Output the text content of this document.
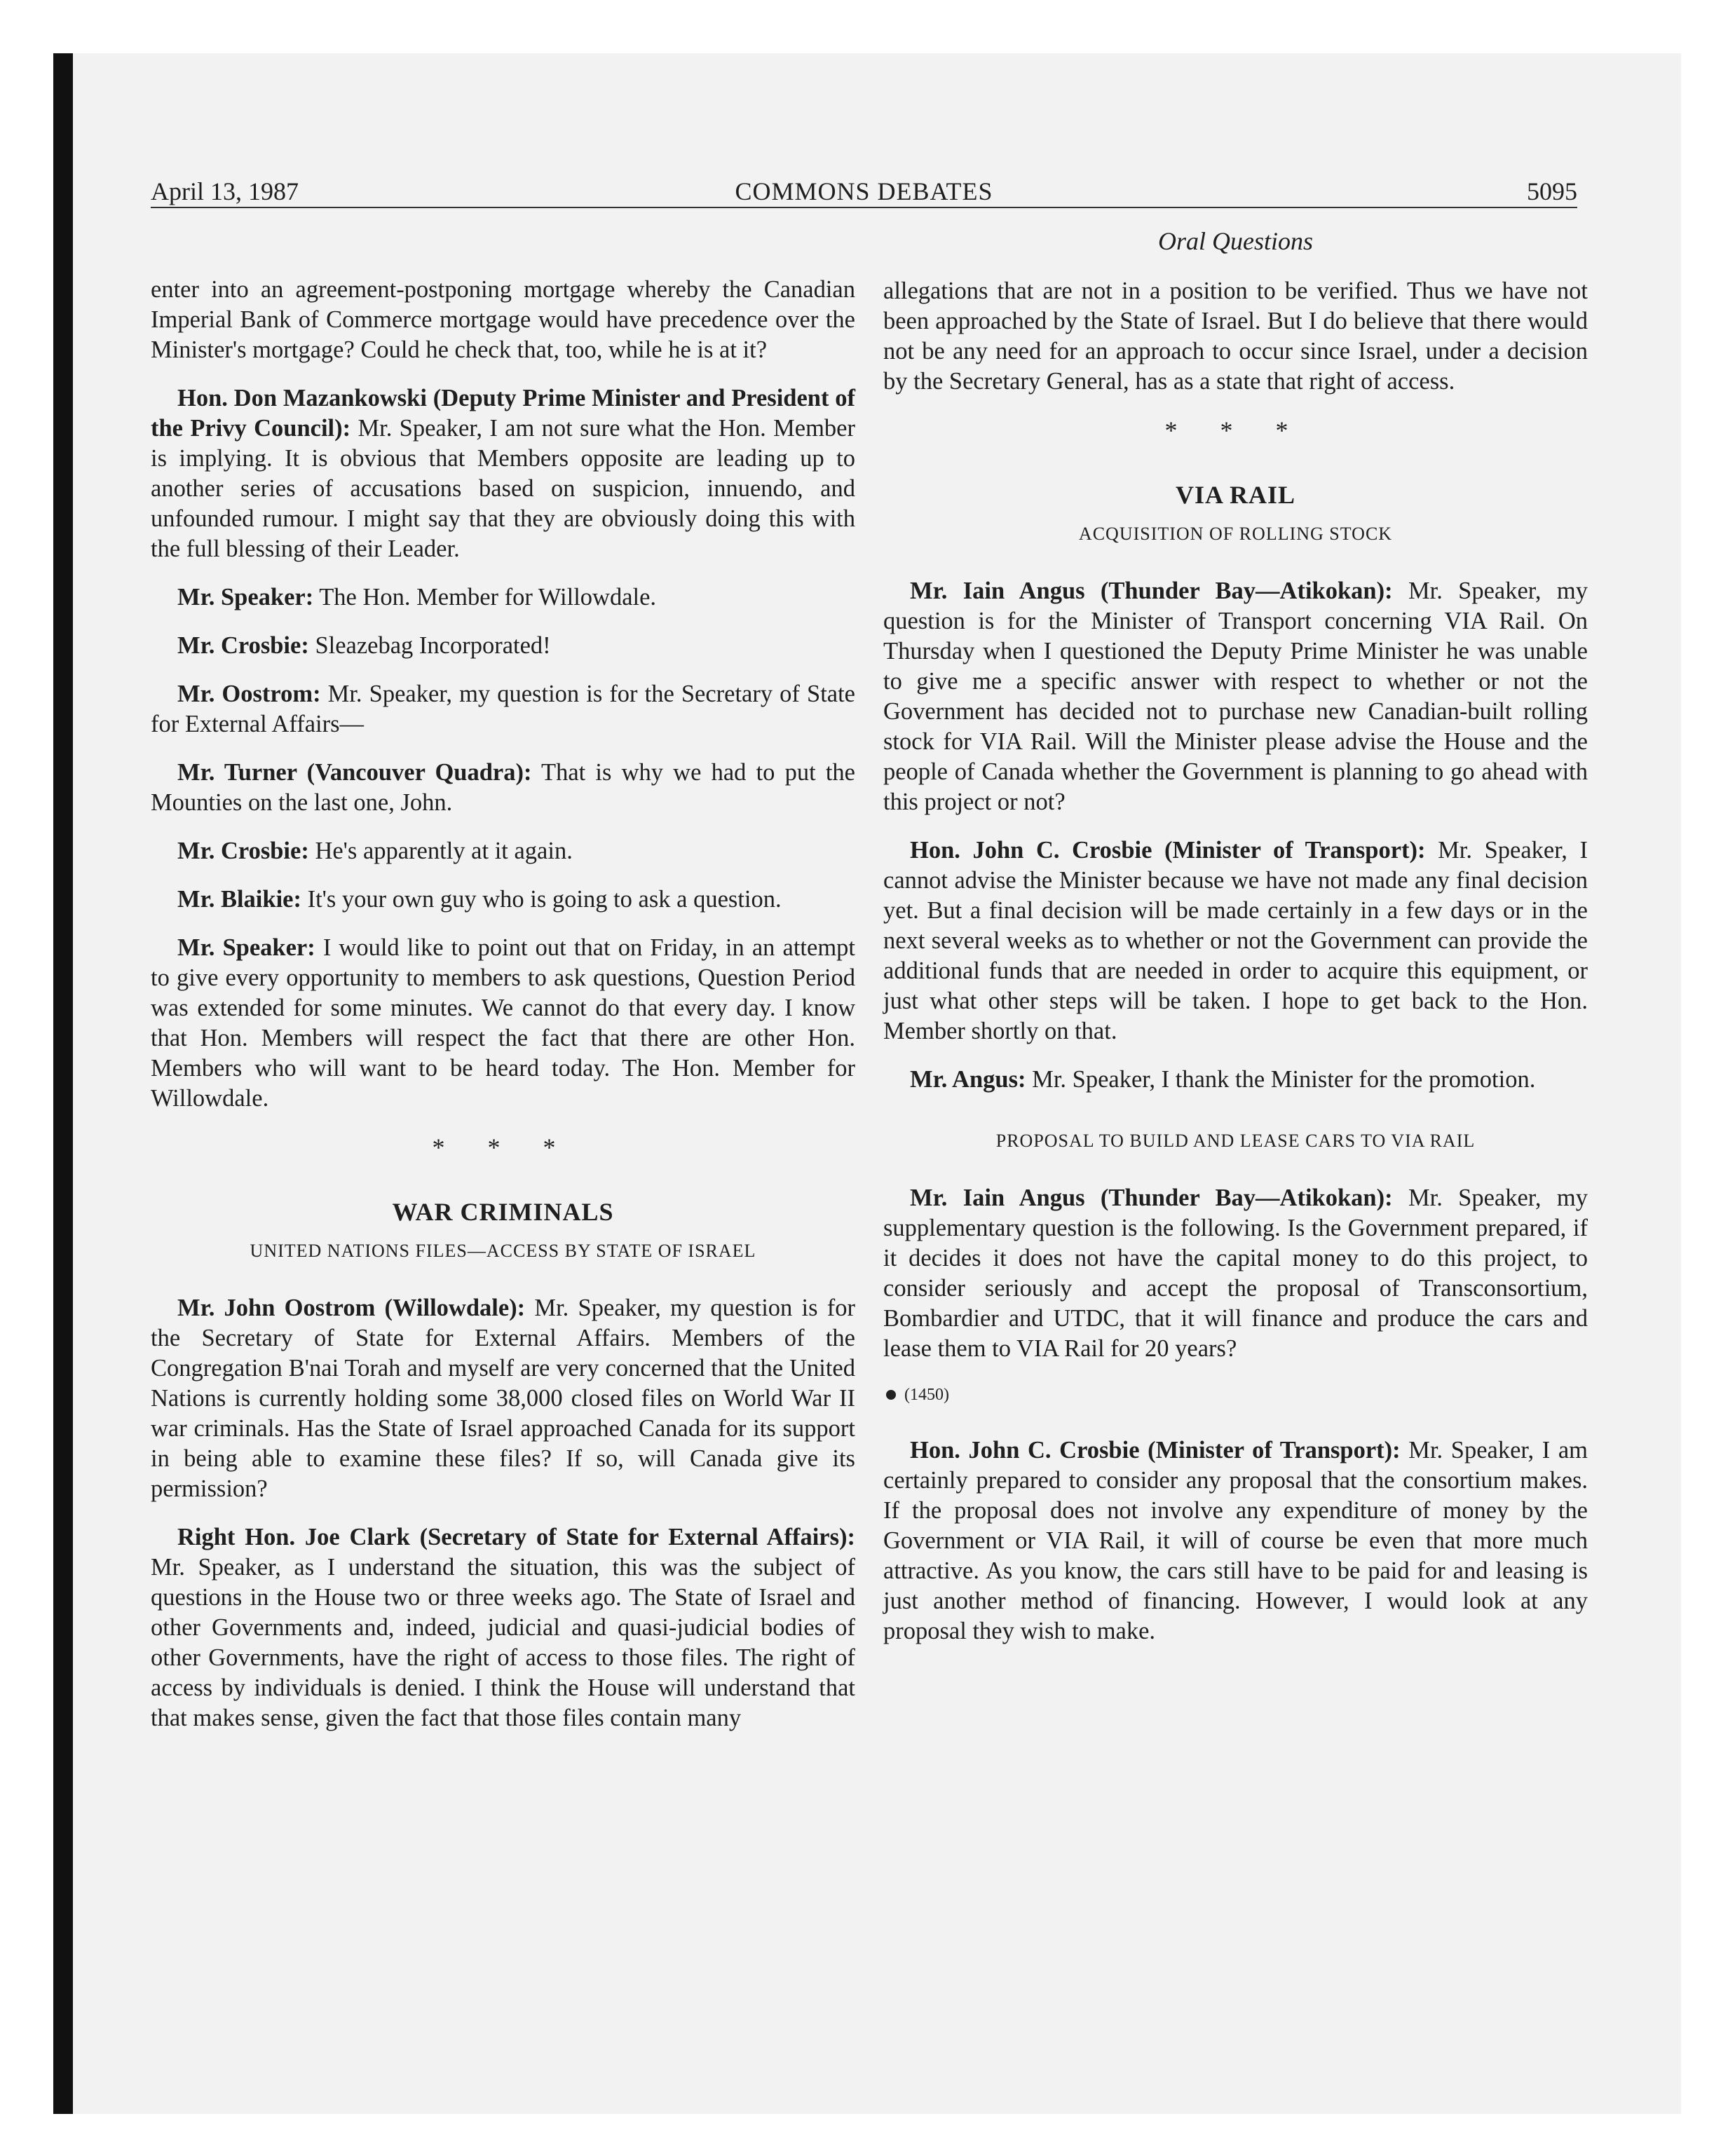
April 13, 1987	COMMONS DEBATES	5095

enter into an agreement-postponing mortgage whereby the Canadian Imperial Bank of Commerce mortgage would have precedence over the Minister's mortgage? Could he check that, too, while he is at it?

Hon. Don Mazankowski (Deputy Prime Minister and President of the Privy Council): Mr. Speaker, I am not sure what the Hon. Member is implying. It is obvious that Members opposite are leading up to another series of accusations based on suspicion, innuendo, and unfounded rumour. I might say that they are obviously doing this with the full blessing of their Leader.

Mr. Speaker: The Hon. Member for Willowdale.

Mr. Crosbie: Sleazebag Incorporated!

Mr. Oostrom: Mr. Speaker, my question is for the Secretary of State for External Affairs—

Mr. Turner (Vancouver Quadra): That is why we had to put the Mounties on the last one, John.

Mr. Crosbie: He's apparently at it again.

Mr. Blaikie: It's your own guy who is going to ask a question.

Mr. Speaker: I would like to point out that on Friday, in an attempt to give every opportunity to members to ask questions, Question Period was extended for some minutes. We cannot do that every day. I know that Hon. Members will respect the fact that there are other Hon. Members who will want to be heard today. The Hon. Member for Willowdale.

* * *
WAR CRIMINALS
UNITED NATIONS FILES—ACCESS BY STATE OF ISRAEL

Mr. John Oostrom (Willowdale): Mr. Speaker, my question is for the Secretary of State for External Affairs. Members of the Congregation B'nai Torah and myself are very concerned that the United Nations is currently holding some 38,000 closed files on World War II war criminals. Has the State of Israel approached Canada for its support in being able to examine these files? If so, will Canada give its permission?

Right Hon. Joe Clark (Secretary of State for External Affairs): Mr. Speaker, as I understand the situation, this was the subject of questions in the House two or three weeks ago. The State of Israel and other Governments and, indeed, judicial and quasi-judicial bodies of other Governments, have the right of access to those files. The right of access by individuals is denied. I think the House will understand that that makes sense, given the fact that those files contain many

Oral Questions

allegations that are not in a position to be verified. Thus we have not been approached by the State of Israel. But I do believe that there would not be any need for an approach to occur since Israel, under a decision by the Secretary General, has as a state that right of access.

* * *
VIA RAIL
ACQUISITION OF ROLLING STOCK

Mr. Iain Angus (Thunder Bay—Atikokan): Mr. Speaker, my question is for the Minister of Transport concerning VIA Rail. On Thursday when I questioned the Deputy Prime Minister he was unable to give me a specific answer with respect to whether or not the Government has decided not to purchase new Canadian-built rolling stock for VIA Rail. Will the Minister please advise the House and the people of Canada whether the Government is planning to go ahead with this project or not?

Hon. John C. Crosbie (Minister of Transport): Mr. Speaker, I cannot advise the Minister because we have not made any final decision yet. But a final decision will be made certainly in a few days or in the next several weeks as to whether or not the Government can provide the additional funds that are needed in order to acquire this equipment, or just what other steps will be taken. I hope to get back to the Hon. Member shortly on that.

Mr. Angus: Mr. Speaker, I thank the Minister for the promotion.

PROPOSAL TO BUILD AND LEASE CARS TO VIA RAIL

Mr. Iain Angus (Thunder Bay—Atikokan): Mr. Speaker, my supplementary question is the following. Is the Government prepared, if it decides it does not have the capital money to do this project, to consider seriously and accept the proposal of Transconsortium, Bombardier and UTDC, that it will finance and produce the cars and lease them to VIA Rail for 20 years?

(1450)

Hon. John C. Crosbie (Minister of Transport): Mr. Speaker, I am certainly prepared to consider any proposal that the consortium makes. If the proposal does not involve any expenditure of money by the Government or VIA Rail, it will of course be even that more much attractive. As you know, the cars still have to be paid for and leasing is just another method of financing. However, I would look at any proposal they wish to make.
